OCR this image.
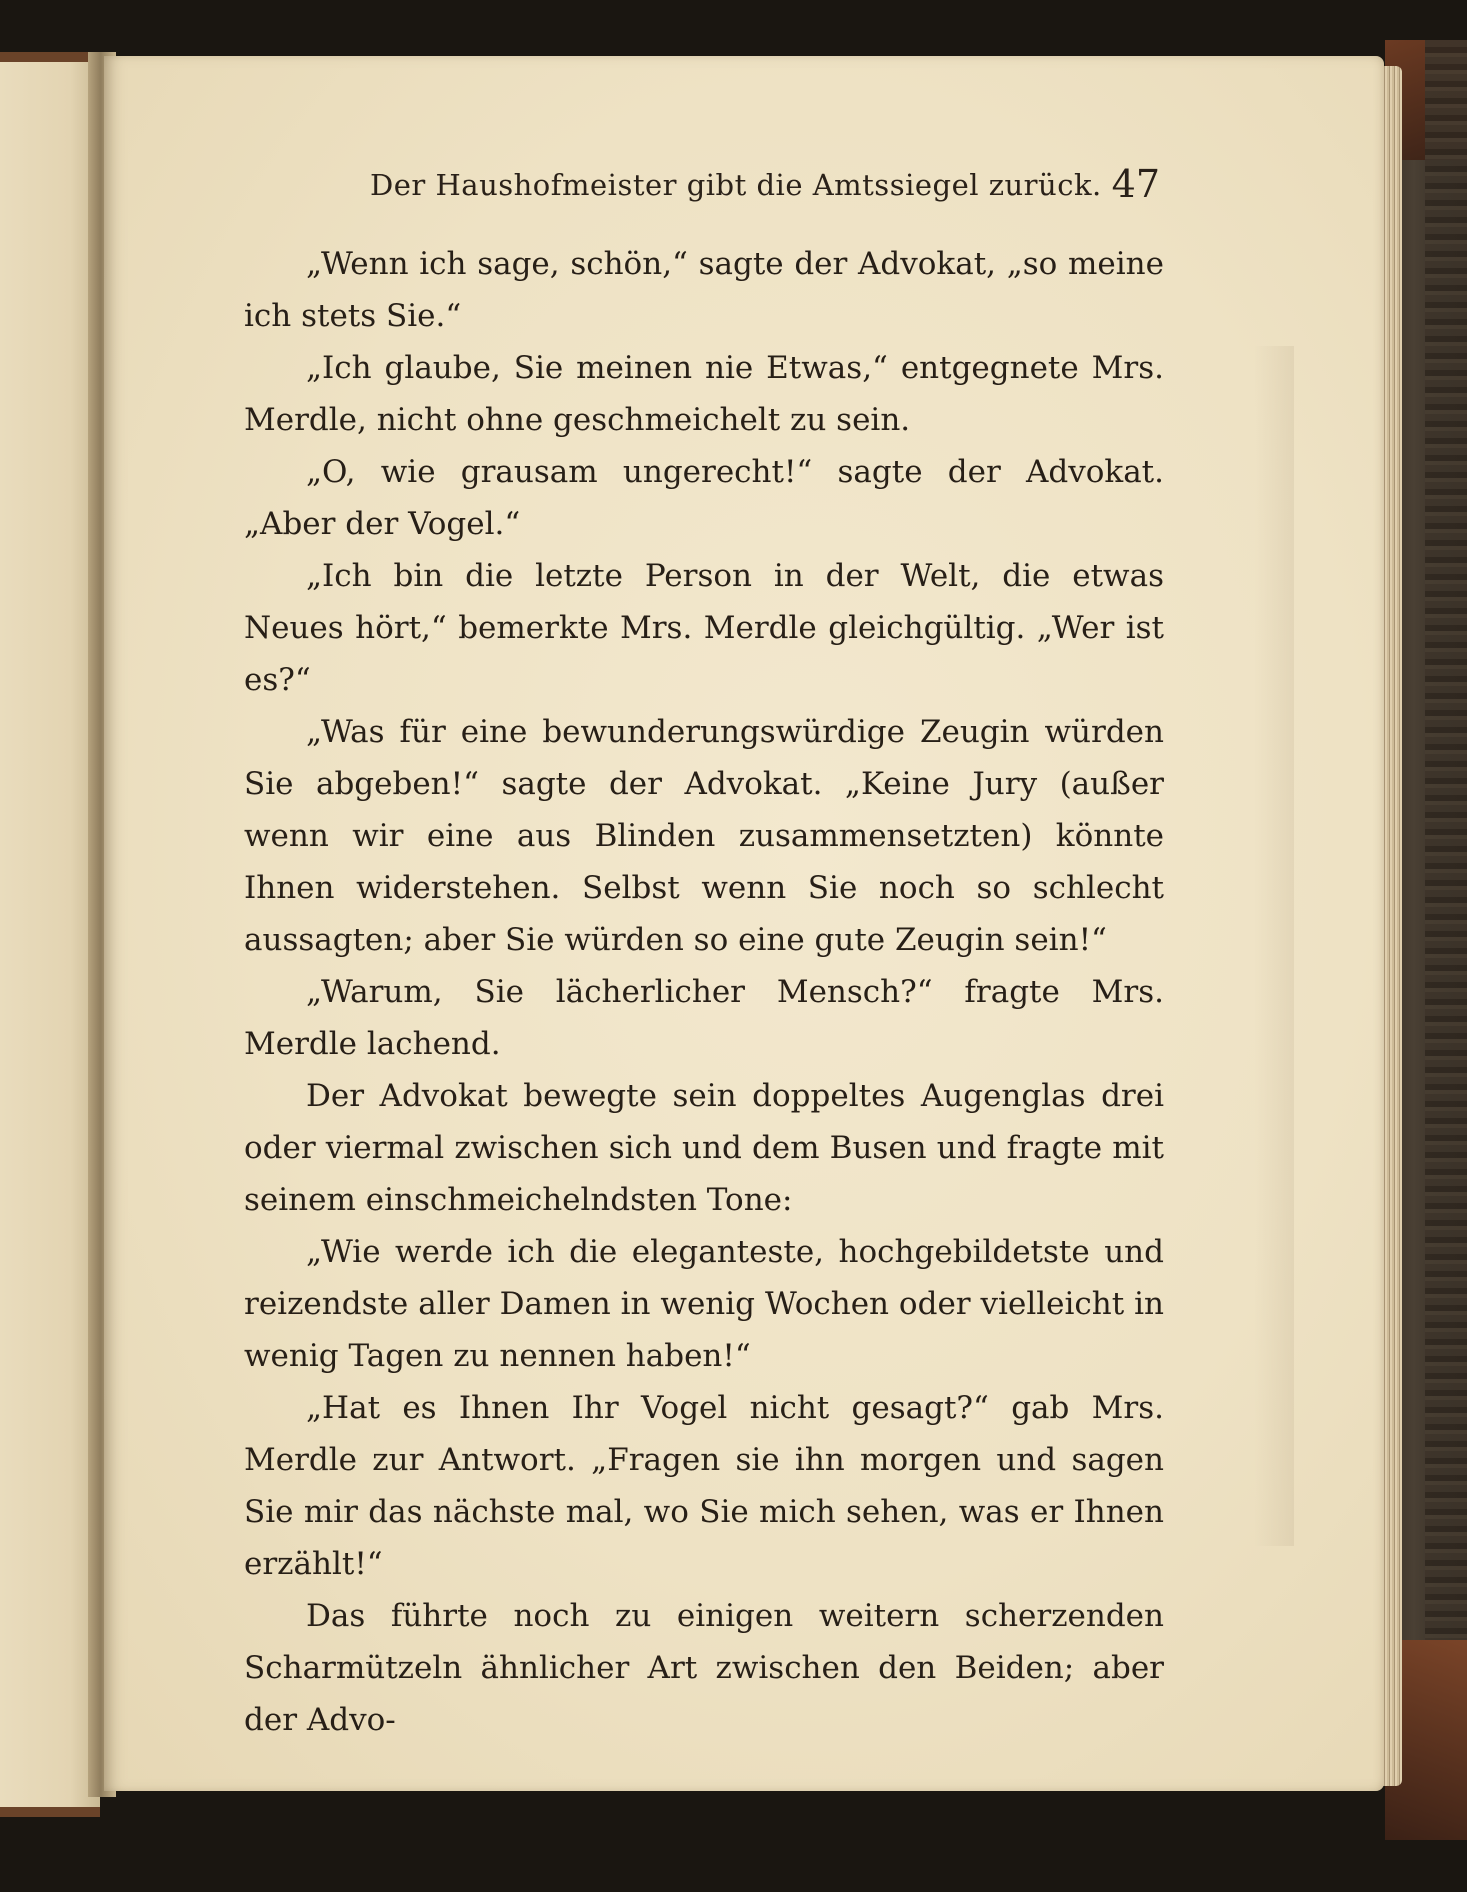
Der Haushofmeister gibt die Amtssiegel zurück. 47

„Wenn ich sage, schön,“ sagte der Advokat, „so meine ich stets Sie.“

„Ich glaube, Sie meinen nie Etwas,“ entgegnete Mrs. Merdle, nicht ohne geschmeichelt zu sein.

„O, wie grausam ungerecht!“ sagte der Advokat. „Aber der Vogel.“

„Ich bin die letzte Person in der Welt, die etwas Neues hört,“ bemerkte Mrs. Merdle gleichgültig. „Wer ist es?“

„Was für eine bewunderungswürdige Zeugin würden Sie abgeben!“ sagte der Advokat. „Keine Jury (außer wenn wir eine aus Blinden zusammensetzten) könnte Ihnen widerstehen. Selbst wenn Sie noch so schlecht aussagten; aber Sie würden so eine gute Zeugin sein!“

„Warum, Sie lächerlicher Mensch?“ fragte Mrs. Merdle lachend.

Der Advokat bewegte sein doppeltes Augenglas drei oder viermal zwischen sich und dem Busen und fragte mit seinem einschmeichelndsten Tone:

„Wie werde ich die eleganteste, hochgebildetste und reizendste aller Damen in wenig Wochen oder vielleicht in wenig Tagen zu nennen haben!“

„Hat es Ihnen Ihr Vogel nicht gesagt?“ gab Mrs. Merdle zur Antwort. „Fragen sie ihn morgen und sagen Sie mir das nächste mal, wo Sie mich sehen, was er Ihnen erzählt!“

Das führte noch zu einigen weitern scherzenden Scharmützeln ähnlicher Art zwischen den Beiden; aber der Advo-
